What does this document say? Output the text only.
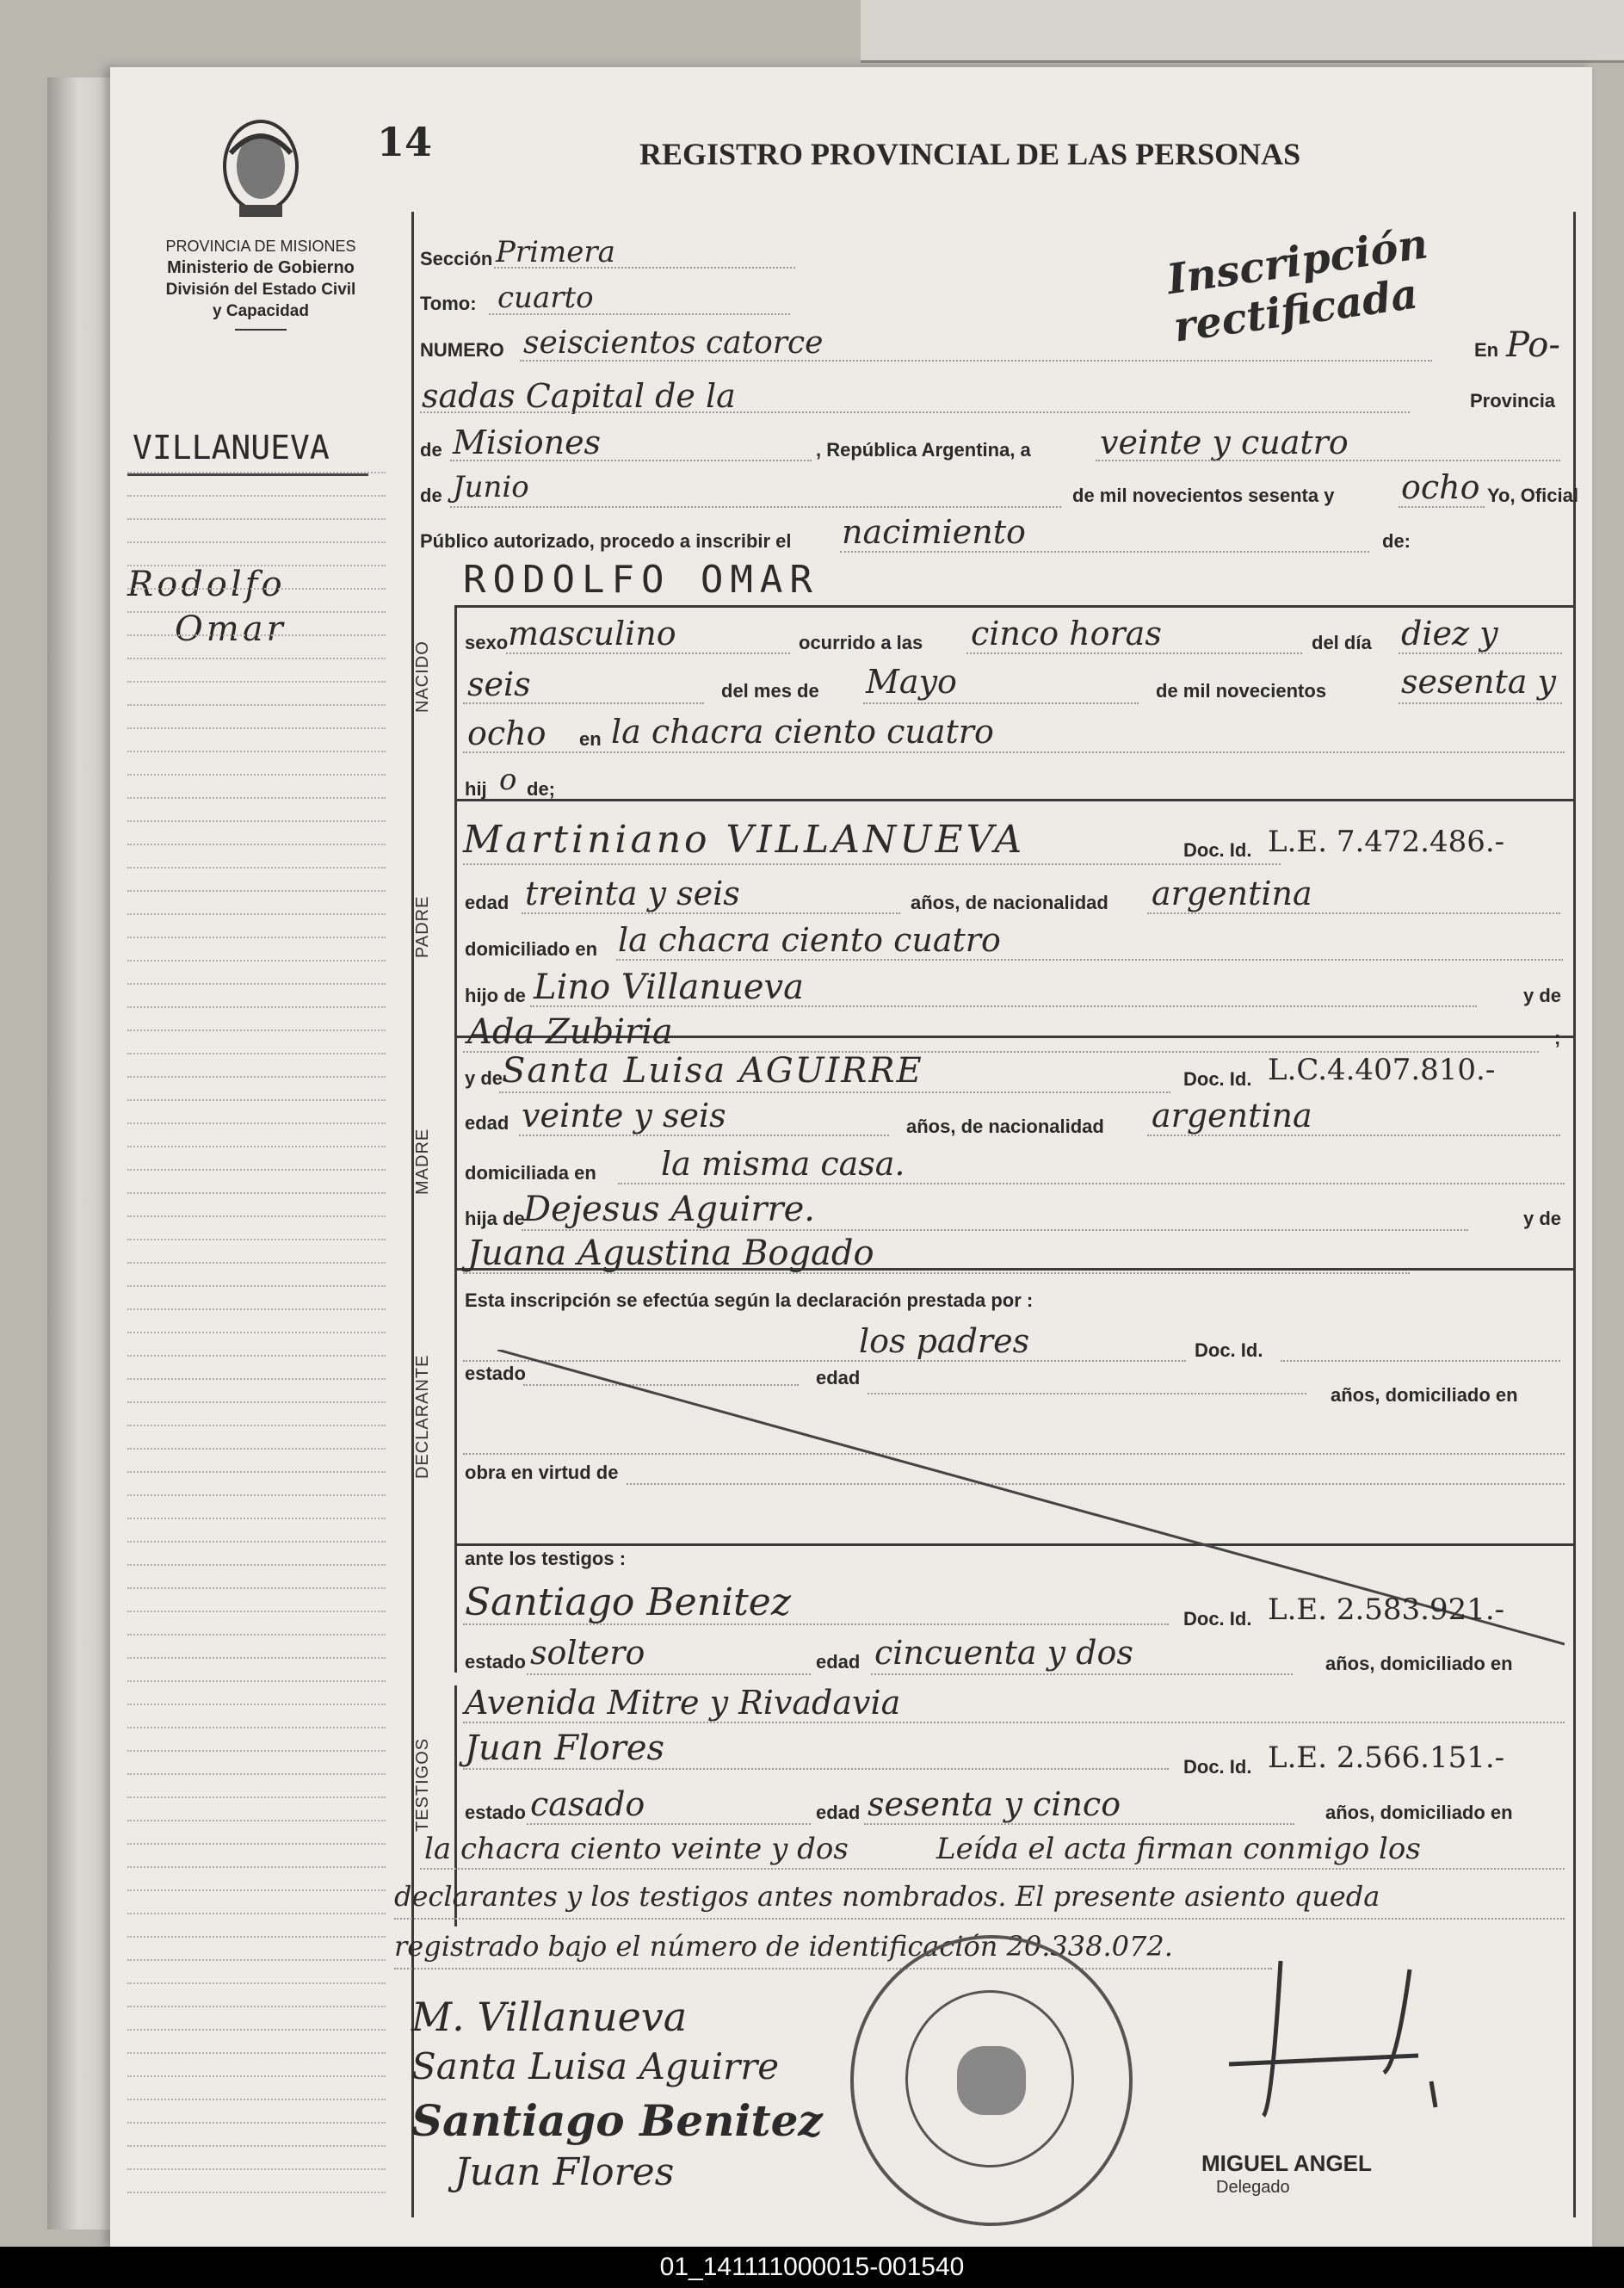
14	REGISTRO PROVINCIAL DE LAS PERSONAS
PROVINCIA DE MISIONES
Ministerio de Gobierno
División del Estado Civil
y Capacidad
Inscripción rectificada
VILLANUEVA
Rodolfo
Omar
NACIDO
PADRE
MADRE
DECLARANTE
TESTIGOS
Sección Primera
Tomo: cuarto
NUMERO seiscientos catorce	En Po-
sadas Capital de la	Provincia
de Misiones	, República Argentina, a veinte y cuatro
de Junio	de mil novecientos sesenta y ocho Yo, Oficial
Público autorizado, procedo a inscribir el nacimiento	de:
RODOLFO OMAR
sexo masculino	ocurrido a las cinco horas	del día diez y
seis	del mes de Mayo	de mil novecientos sesenta y
ocho en la chacra ciento cuatro
hij o de;
Martiniano VILLANUEVA	Doc. Id. L.E. 7.472.486.-
edad treinta y seis	años, de nacionalidad argentina
domiciliado en la chacra ciento cuatro
hijo de Lino Villanueva	y de
Ada Zubiria	;
y de
Santa Luisa AGUIRRE	Doc. Id. L.C.4.407.810.-
edad veinte y seis	años, de nacionalidad argentina
domiciliada en la misma casa.
hija de
Dejesus Aguirre.	y de
Juana Agustina Bogado
Esta inscripción se efectúa según la declaración prestada por :
los padres	Doc. Id.
estado	edad
años, domiciliado en
obra en virtud de
ante los testigos :
Santiago Benitez	Doc. Id. L.E. 2.583.921.-
estado soltero	edad cincuenta y dos	años, domiciliado en
Avenida Mitre y Rivadavia
Juan Flores	Doc. Id. L.E. 2.566.151.-
estado casado	edad sesenta y cinco	años, domiciliado en
la chacra ciento veinte y dos	Leída el acta firman conmigo los
declarantes y los testigos antes nombrados. El presente asiento queda
registrado bajo el número de identificación 20.338.072.
M. Villanueva
Santa Luisa Aguirre
Santiago Benitez
Juan Flores	MIGUEL ANGEL
Delegado
01_141111000015-001540
